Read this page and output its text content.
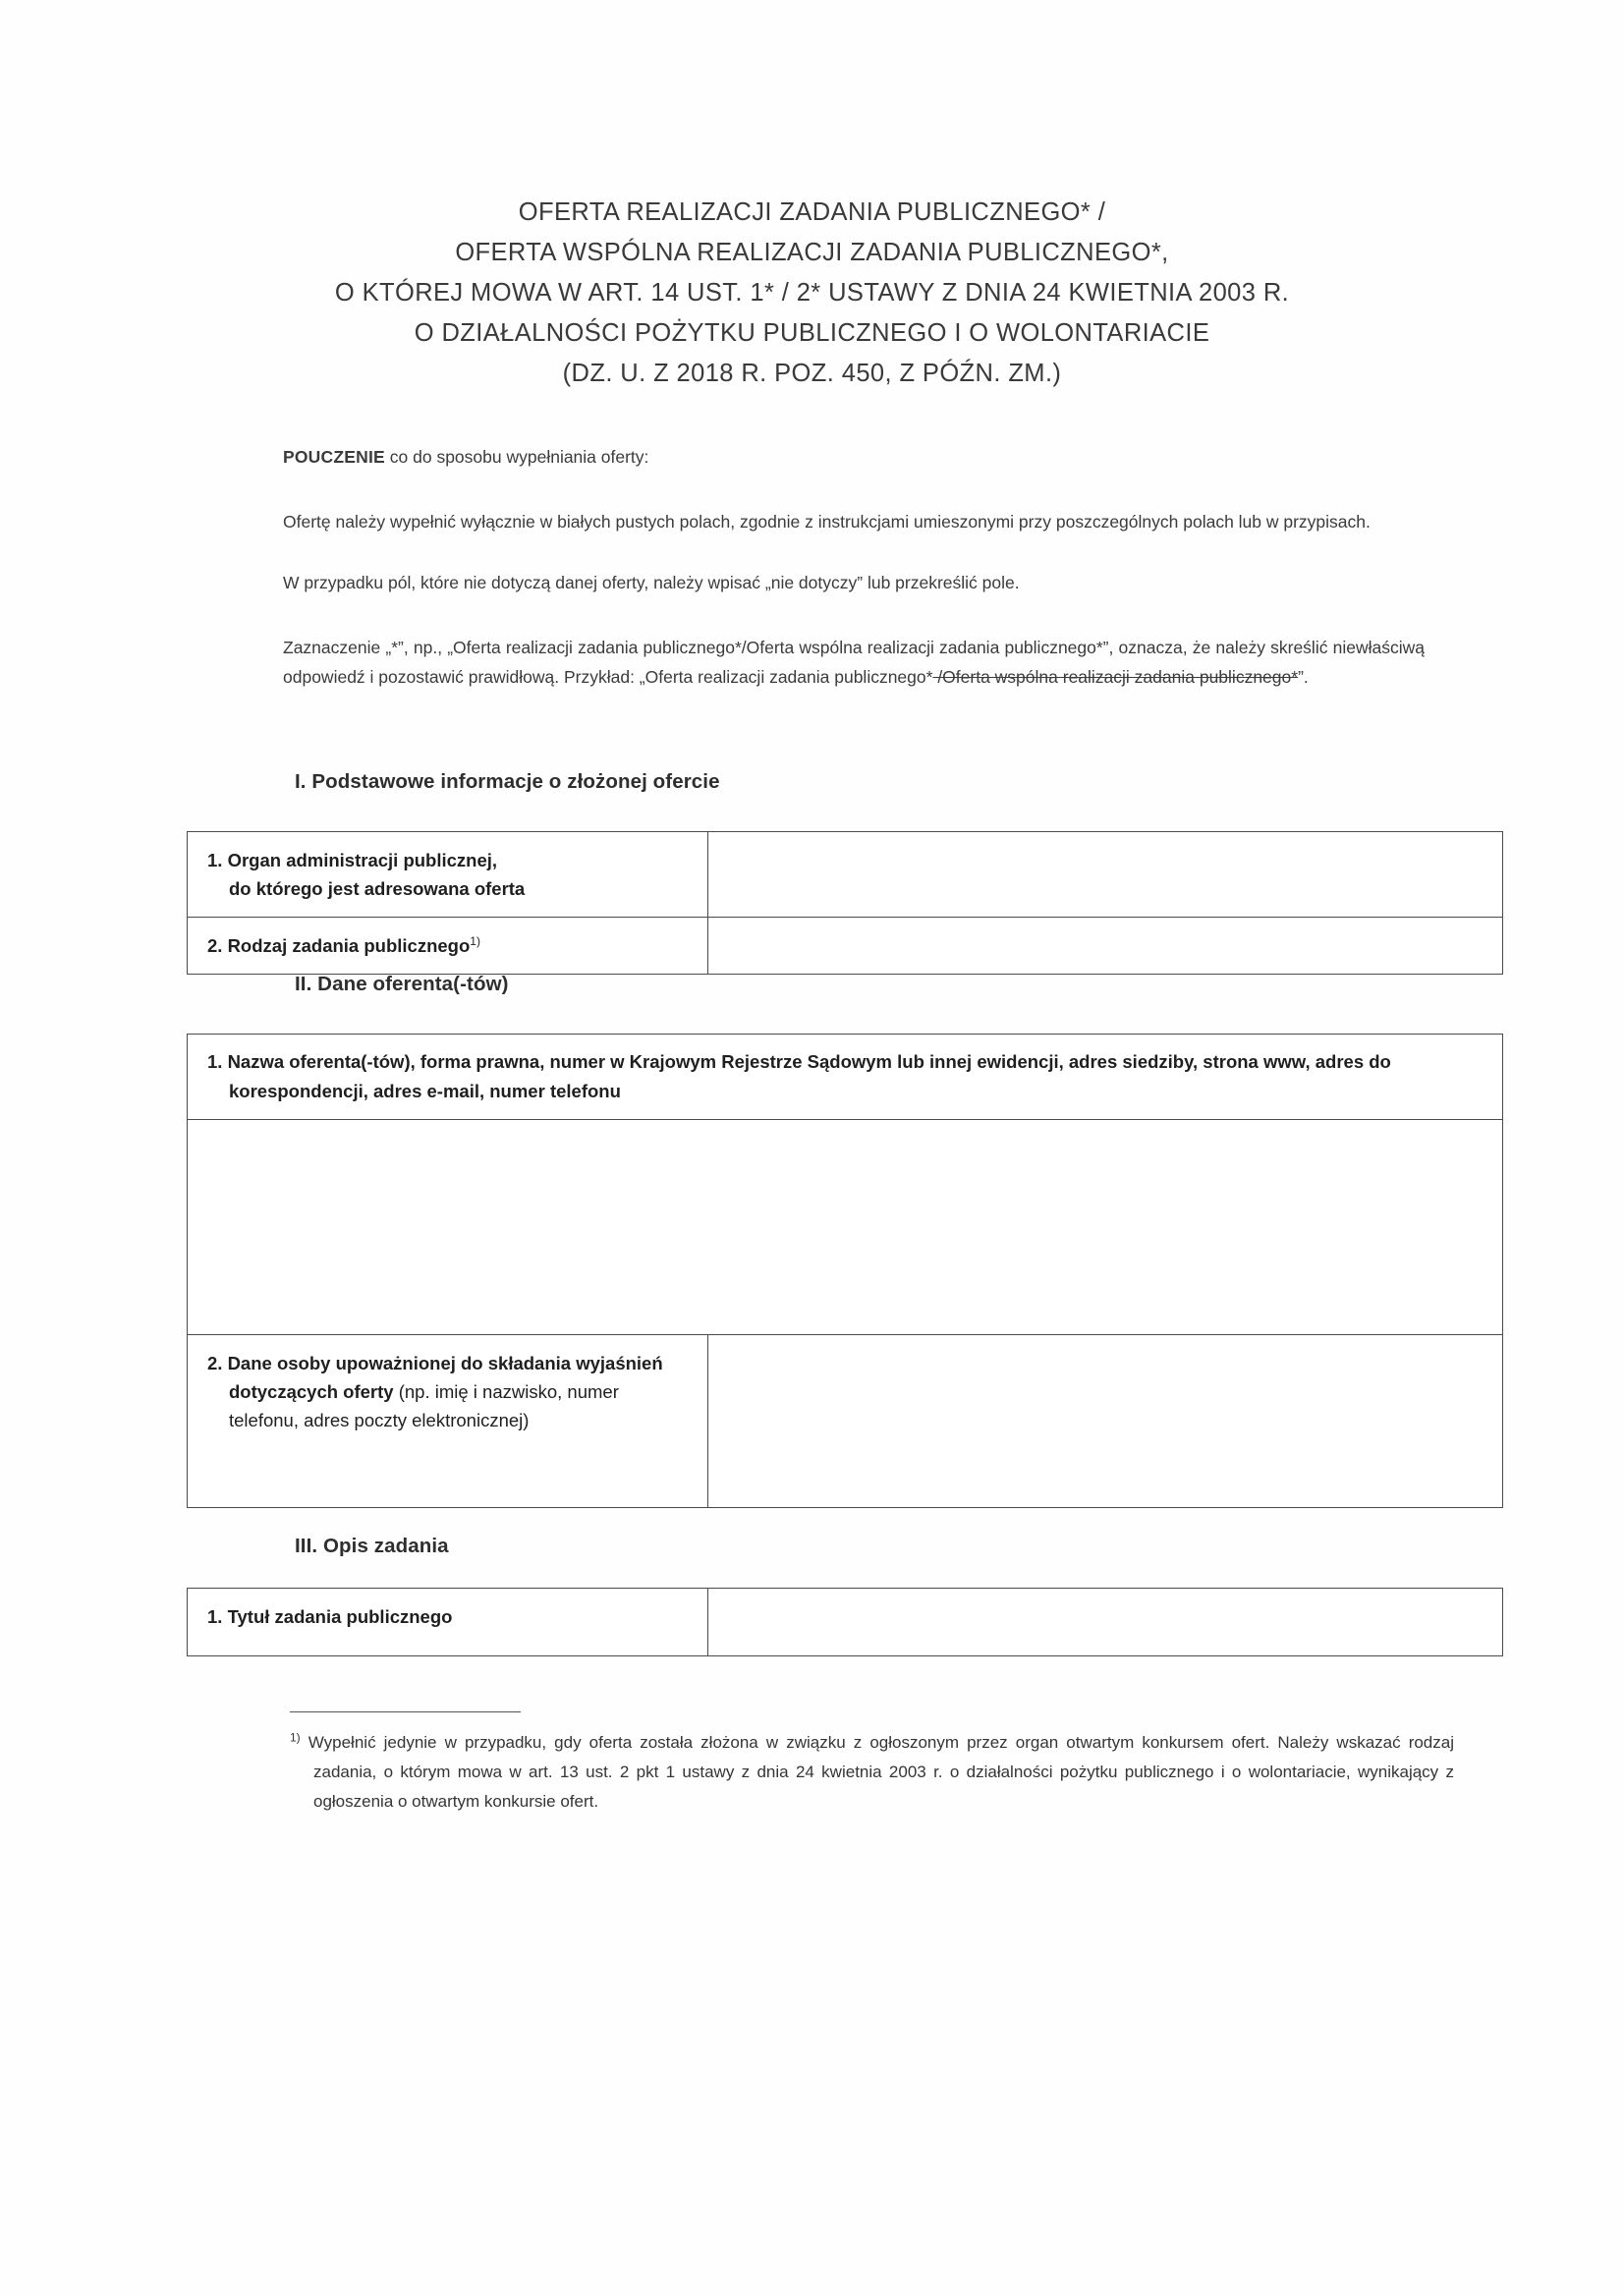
OFERTA REALIZACJI ZADANIA PUBLICZNEGO* /
OFERTA WSPÓLNA REALIZACJI ZADANIA PUBLICZNEGO*,
O KTÓREJ MOWA W ART. 14 UST. 1* / 2* USTAWY Z DNIA 24 KWIETNIA 2003 R.
O DZIAŁALNOŚCI POŻYTKU PUBLICZNEGO I O WOLONTARIACIE
(DZ. U. Z 2018 R. POZ. 450, Z PÓŹN. ZM.)
POUCZENIE co do sposobu wypełniania oferty:
Ofertę należy wypełnić wyłącznie w białych pustych polach, zgodnie z instrukcjami umieszonymi przy poszczególnych polach lub w przypisach.
W przypadku pól, które nie dotyczą danej oferty, należy wpisać „nie dotyczy” lub przekreślić pole.
Zaznaczenie „*”, np., „Oferta realizacji zadania publicznego*/Oferta wspólna realizacji zadania publicznego*”, oznacza, że należy skreślić niewłaściwą odpowiedź i pozostawić prawidłową. Przykład: „Oferta realizacji zadania publicznego* /Oferta wspólna realizacji zadania publicznego*”.
I. Podstawowe informacje o złożonej ofercie
1. Organ administracji publicznej,
do którego jest adresowana oferta
2. Rodzaj zadania publicznego$^{1)}$
II. Dane oferenta(-tów)
1. Nazwa oferenta(-tów), forma prawna, numer w Krajowym Rejestrze Sądowym lub innej ewidencji, adres siedziby, strona www, adres do korespondencji, adres e-mail, numer telefonu
2. Dane osoby upoważnionej do składania wyjaśnień
dotyczących oferty (np. imię i nazwisko, numer
telefonu, adres poczty elektronicznej)
III. Opis zadania
1. Tytuł zadania publicznego
$^{1)}$ Wypełnić jedynie w przypadku, gdy oferta została złożona w związku z ogłoszonym przez organ otwartym konkursem ofert. Należy wskazać rodzaj zadania, o którym mowa w art. 13 ust. 2 pkt 1 ustawy z dnia 24 kwietnia 2003 r. o działalności pożytku publicznego i o wolontariacie, wynikający z ogłoszenia o otwartym konkursie ofert.
